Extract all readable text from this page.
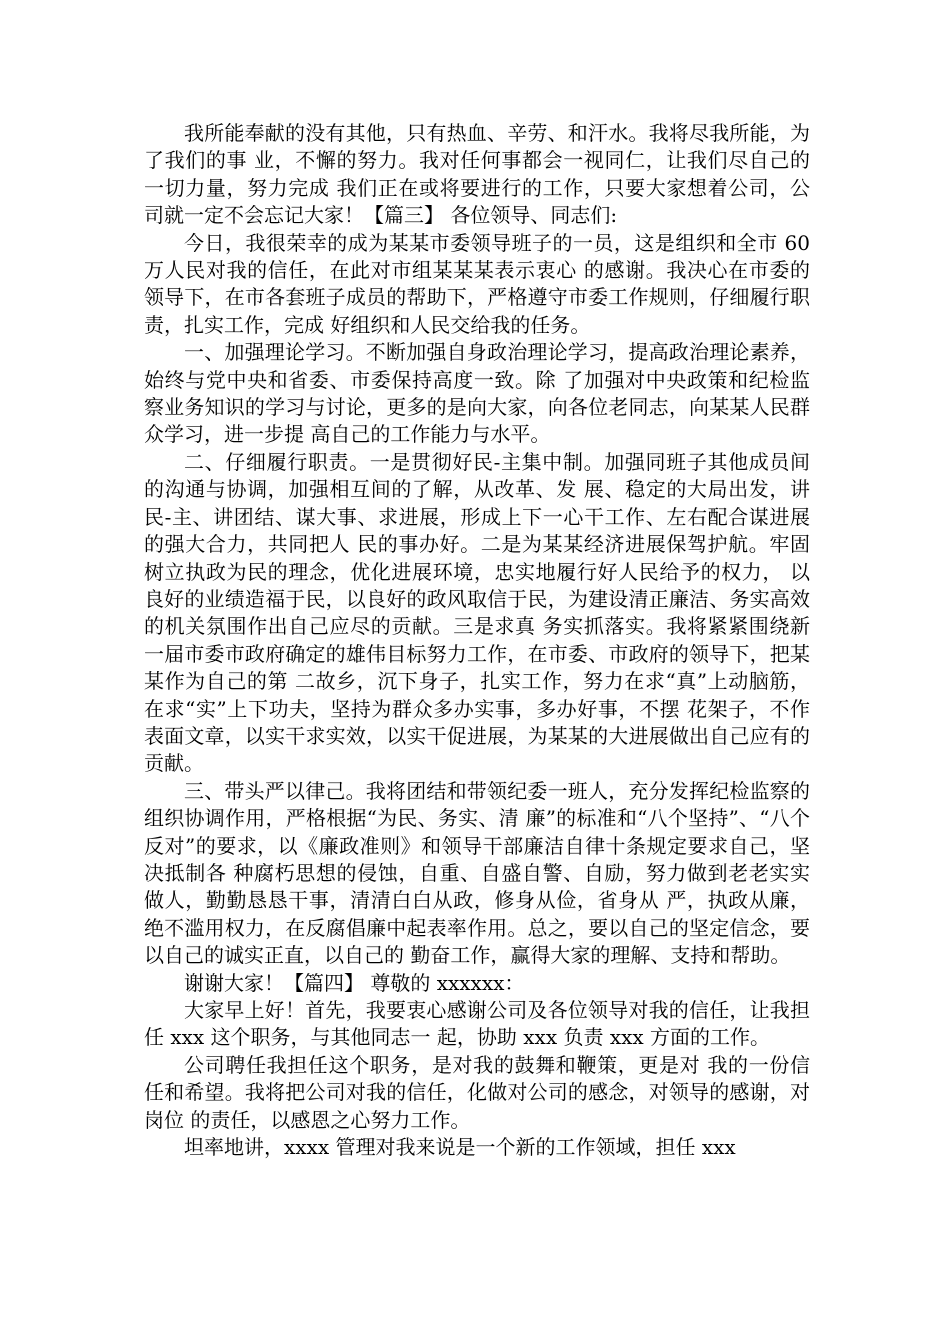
我所能奉献的没有其他，只有热血、辛劳、和汗水。我将尽我所能，为了我们的事 业，不懈的努力。我对任何事都会一视同仁，让我们尽自己的一切力量，努力完成 我们正在或将要进行的工作，只要大家想着公司，公司就一定不会忘记大家！【篇三】 各位领导、同志们:

今日，我很荣幸的成为某某市委领导班子的一员，这是组织和全市 60 万人民对我的信任，在此对市组某某某表示衷心 的感谢。我决心在市委的领导下，在市各套班子成员的帮助下，严格遵守市委工作规则，仔细履行职责，扎实工作，完成 好组织和人民交给我的任务。

一、加强理论学习。不断加强自身政治理论学习，提高政治理论素养，始终与党中央和省委、市委保持高度一致。除 了加强对中央政策和纪检监察业务知识的学习与讨论，更多的是向大家，向各位老同志，向某某人民群众学习，进一步提 高自己的工作能力与水平。

二、仔细履行职责。一是贯彻好民-主集中制。加强同班子其他成员间的沟通与协调，加强相互间的了解，从改革、发 展、稳定的大局出发，讲民-主、讲团结、谋大事、求进展，形成上下一心干工作、左右配合谋进展的强大合力，共同把人 民的事办好。二是为某某经济进展保驾护航。牢固树立执政为民的理念，优化进展环境，忠实地履行好人民给予的权力， 以良好的业绩造福于民，以良好的政风取信于民，为建设清正廉洁、务实高效的机关氛围作出自己应尽的贡献。三是求真 务实抓落实。我将紧紧围绕新一届市委市政府确定的雄伟目标努力工作，在市委、市政府的领导下，把某某作为自己的第 二故乡，沉下身子，扎实工作，努力在求“真”上动脑筋，在求“实”上下功夫，坚持为群众多办实事，多办好事，不摆 花架子，不作表面文章，以实干求实效，以实干促进展，为某某的大进展做出自己应有的贡献。

三、带头严以律己。我将团结和带领纪委一班人，充分发挥纪检监察的组织协调作用，严格根据“为民、务实、清 廉”的标准和“八个坚持”、“八个反对”的要求，以《廉政准则》和领导干部廉洁自律十条规定要求自己，坚决抵制各 种腐朽思想的侵蚀，自重、自盛自警、自励，努力做到老老实实做人，勤勤恳恳干事，清清白白从政，修身从俭，省身从 严，执政从廉，绝不滥用权力，在反腐倡廉中起表率作用。总之，要以自己的坚定信念，要以自己的诚实正直，以自己的 勤奋工作，赢得大家的理解、支持和帮助。

谢谢大家！【篇四】 尊敬的 xxxxxx：

大家早上好！首先，我要衷心感谢公司及各位领导对我的信任，让我担任 xxx 这个职务，与其他同志一 起，协助 xxx 负责 xxx 方面的工作。

公司聘任我担任这个职务，是对我的鼓舞和鞭策，更是对 我的一份信任和希望。我将把公司对我的信任，化做对公司的感念，对领导的感谢，对岗位 的责任，以感恩之心努力工作。

坦率地讲，xxxx 管理对我来说是一个新的工作领域，担任 xxx
